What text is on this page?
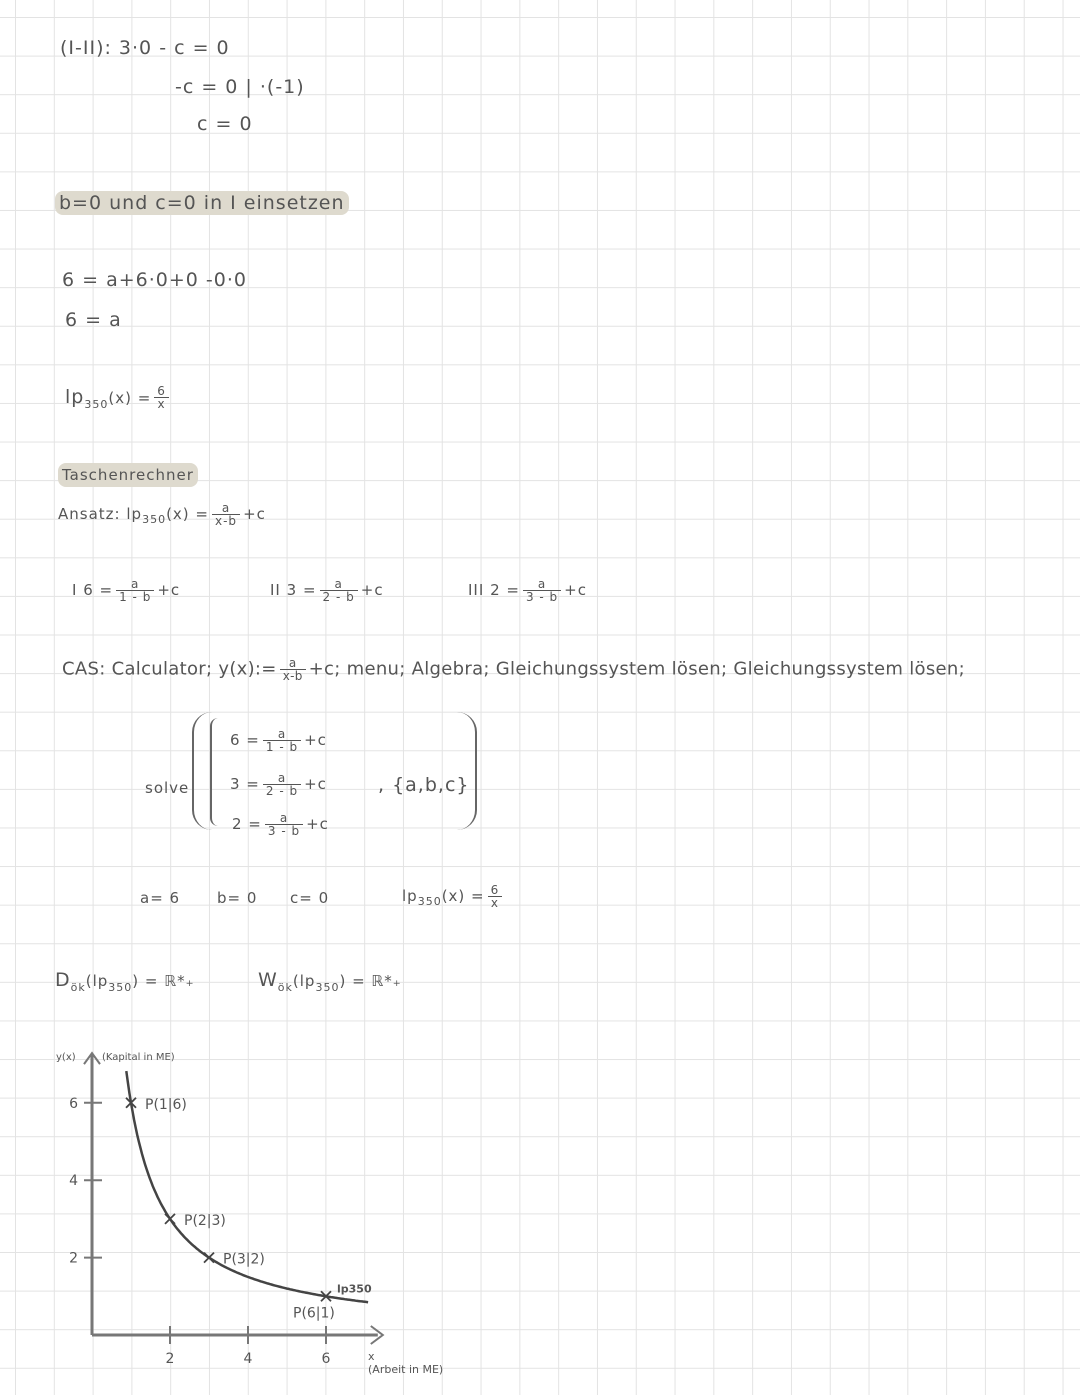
(I-II): 3·0 - c = 0
-c = 0 | ·(-1)
c = 0
b=0 und c=0 in I einsetzen
6 = a+6·0+0 -0·0
6 = a
$lp_{350}(x) = \frac{6}{x}$
Taschenrechner
Ansatz: $lp_{350}(x) = \frac{a}{x-b} +c$
I $6 = \frac{a}{1 - b} +c$	II $3 = \frac{a}{2 - b} +c$	III $2 = \frac{a}{3 - b} +c$
CAS: Calculator; y(x):= $\frac{a}{x-b} +c$; menu; Algebra; Gleichungssystem lösen; Gleichungssystem lösen;
solve
$6 = \frac{a}{1 - b} +c$
$3 = \frac{a}{2 - b} +c$
$2 = \frac{a}{3 - b} +c$
, {a,b,c}
a= 6 b= 0 c= 0	$lp_{350}(x) = \frac{6}{x}$
$D_{ök}(lp_{350})$ = ℝ*₊	$W_{ök}(lp_{350})$ = ℝ*₊
2	4	6
2
4
6
y(x)	(Kapital in ME)
x
(Arbeit in ME)
lp350
P(1|6)
P(2|3)
P(3|2)
P(6|1)
